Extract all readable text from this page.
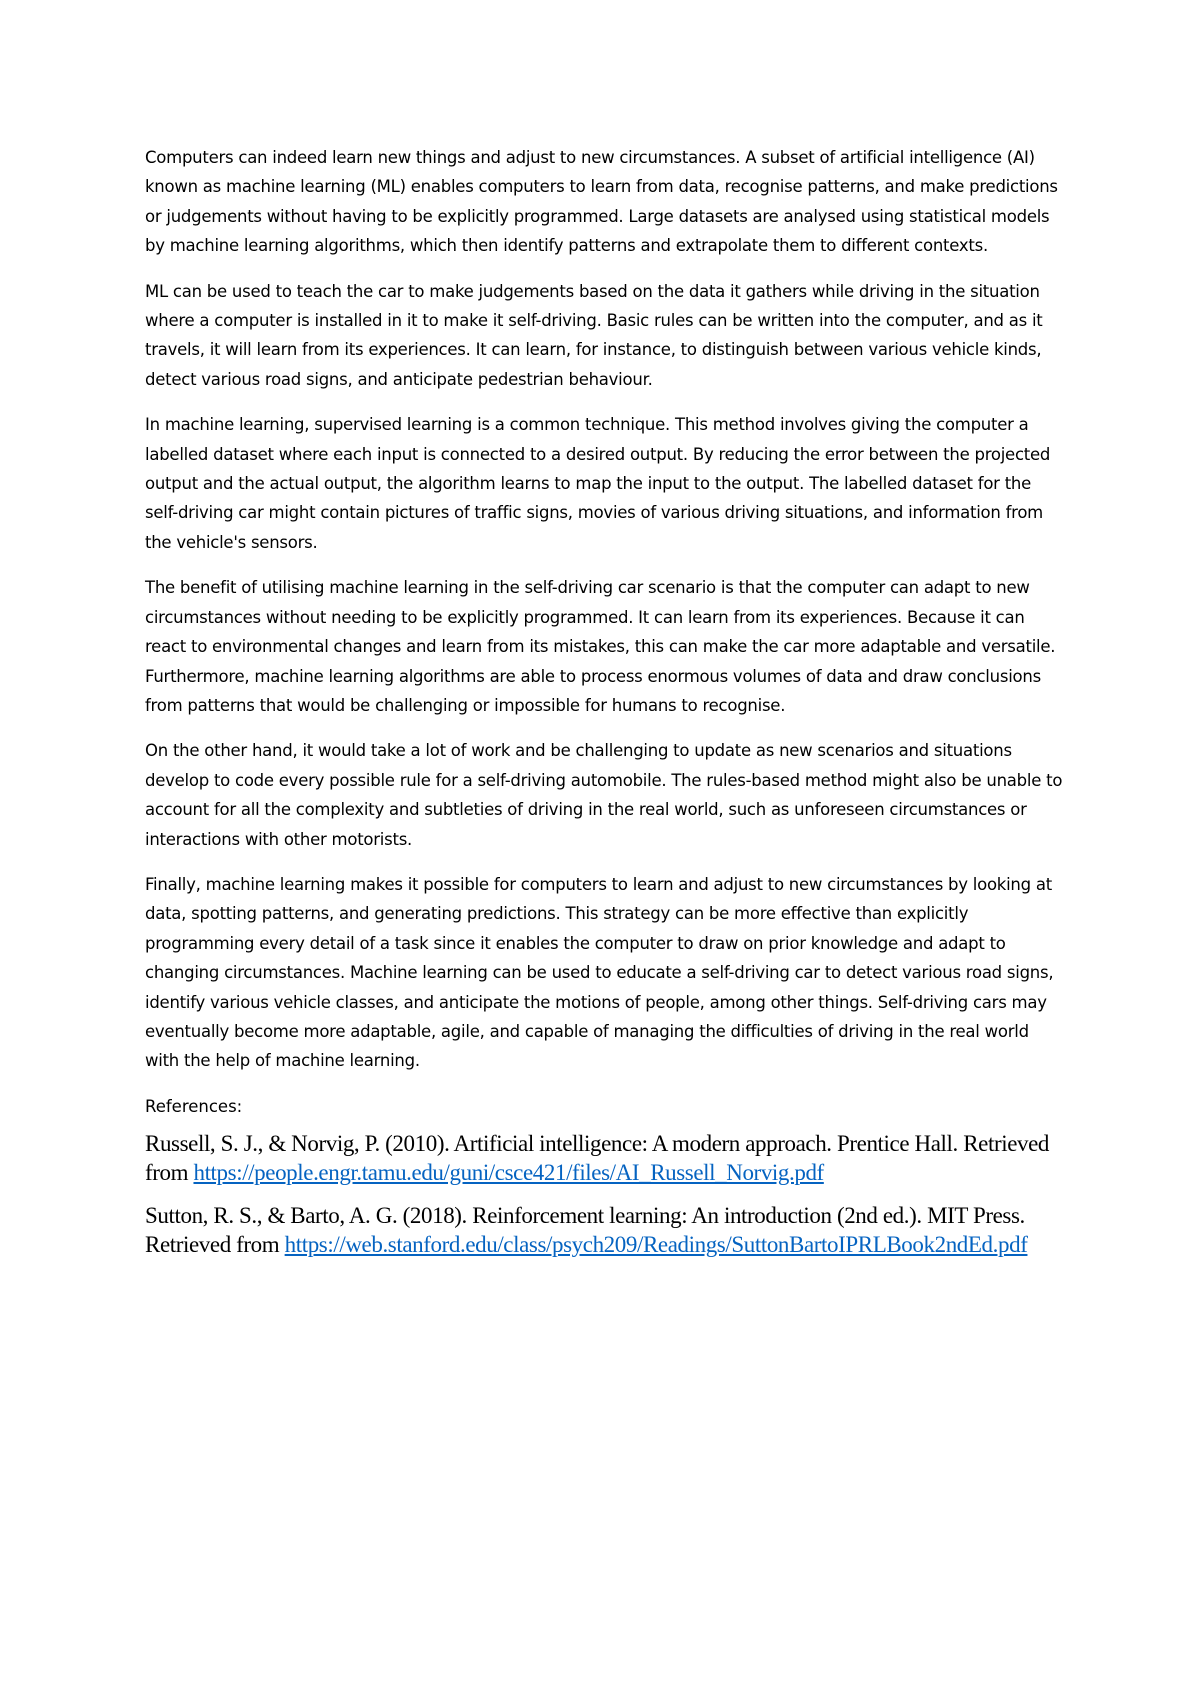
Computers can indeed learn new things and adjust to new circumstances. A subset of artificial intelligence (AI) known as machine learning (ML) enables computers to learn from data, recognise patterns, and make predictions or judgements without having to be explicitly programmed. Large datasets are analysed using statistical models by machine learning algorithms, which then identify patterns and extrapolate them to different contexts.

ML can be used to teach the car to make judgements based on the data it gathers while driving in the situation where a computer is installed in it to make it self-driving. Basic rules can be written into the computer, and as it travels, it will learn from its experiences. It can learn, for instance, to distinguish between various vehicle kinds, detect various road signs, and anticipate pedestrian behaviour.

In machine learning, supervised learning is a common technique. This method involves giving the computer a labelled dataset where each input is connected to a desired output. By reducing the error between the projected output and the actual output, the algorithm learns to map the input to the output. The labelled dataset for the self-driving car might contain pictures of traffic signs, movies of various driving situations, and information from the vehicle's sensors.

The benefit of utilising machine learning in the self-driving car scenario is that the computer can adapt to new circumstances without needing to be explicitly programmed. It can learn from its experiences. Because it can react to environmental changes and learn from its mistakes, this can make the car more adaptable and versatile. Furthermore, machine learning algorithms are able to process enormous volumes of data and draw conclusions from patterns that would be challenging or impossible for humans to recognise.

On the other hand, it would take a lot of work and be challenging to update as new scenarios and situations develop to code every possible rule for a self-driving automobile. The rules-based method might also be unable to account for all the complexity and subtleties of driving in the real world, such as unforeseen circumstances or interactions with other motorists.

Finally, machine learning makes it possible for computers to learn and adjust to new circumstances by looking at data, spotting patterns, and generating predictions. This strategy can be more effective than explicitly programming every detail of a task since it enables the computer to draw on prior knowledge and adapt to changing circumstances. Machine learning can be used to educate a self-driving car to detect various road signs, identify various vehicle classes, and anticipate the motions of people, among other things. Self-driving cars may eventually become more adaptable, agile, and capable of managing the difficulties of driving in the real world with the help of machine learning.

References:

Russell, S. J., & Norvig, P. (2010). Artificial intelligence: A modern approach. Prentice Hall. Retrieved from https://people.engr.tamu.edu/guni/csce421/files/AI_Russell_Norvig.pdf

Sutton, R. S., & Barto, A. G. (2018). Reinforcement learning: An introduction (2nd ed.). MIT Press. Retrieved from https://web.stanford.edu/class/psych209/Readings/SuttonBartoIPRLBook2ndEd.pdf
